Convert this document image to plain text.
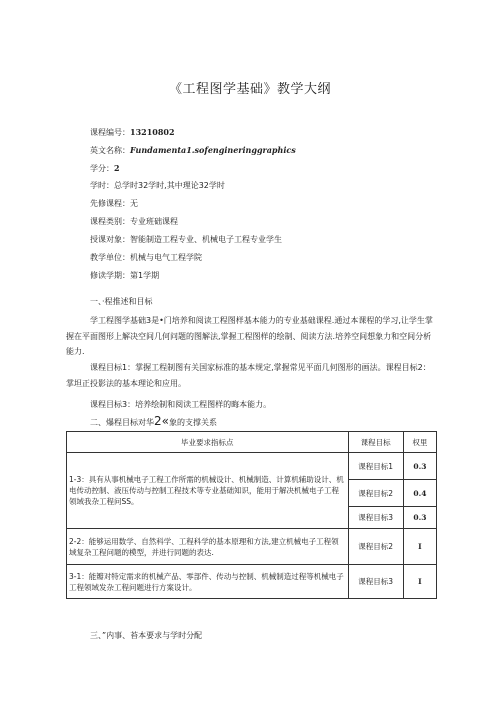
《工程图学基础》教学大纲
课程编号：13210802
英文名称：Fundamenta1.sofengineringgraphics
学分：2
学时：总学时32学时,其中理论32学时
先修课程：无
课程类别：专业班础课程
授课对象：智能制造工程专业、机械电子工程专业学生
教学单位：机械与电气工程学院
修读学期：第1学期
一、·程推述和目标
学工程图学基础3是•门培养和阅读工程图样基本能力的专业基础课程.通过本课程的学习,让学生掌握在平面图形上解决空间几何问题的图解法,掌握工程图样的绘制、阅读方法.培养空间想象力和空间分析能力.
课程目标1：掌握工程制图有关国家标准的基本规定,掌握常见平面几何图形的画法。课程目标2：掌坦正投影法的基本理论和应用。
毕业要求指标点	课程目标	权里
1-3：具有从事机械电子工程工作所需的机械设计、机械制造、计算机辅助设计、机电传动控制、液压传动与控制工程技术等专业基础知识，能用于解决机械电子工程领域我杂工程问SS。	课程目标1	0.3
	课程目标2	0.4
	课程目标3	0.3
2-2：能够运用数学、自然科学、工程科学的基本原理和方法,建立机械电子工程领域复杂工程问题的模型，并进行同题的表达.	课程目标2	I
3-1：能瓣对特定需求的机械产品、零部件、传动与控制、机械制造过程等机械电子工程领域发杂工程问题进行方案设计。	课程目标3	I
课程目标3：培养绘制和阅读工程图样的晦本能力。
二、爆程目标对华2«象的支撑关系
三、”内事、苔本要求与学时分配
